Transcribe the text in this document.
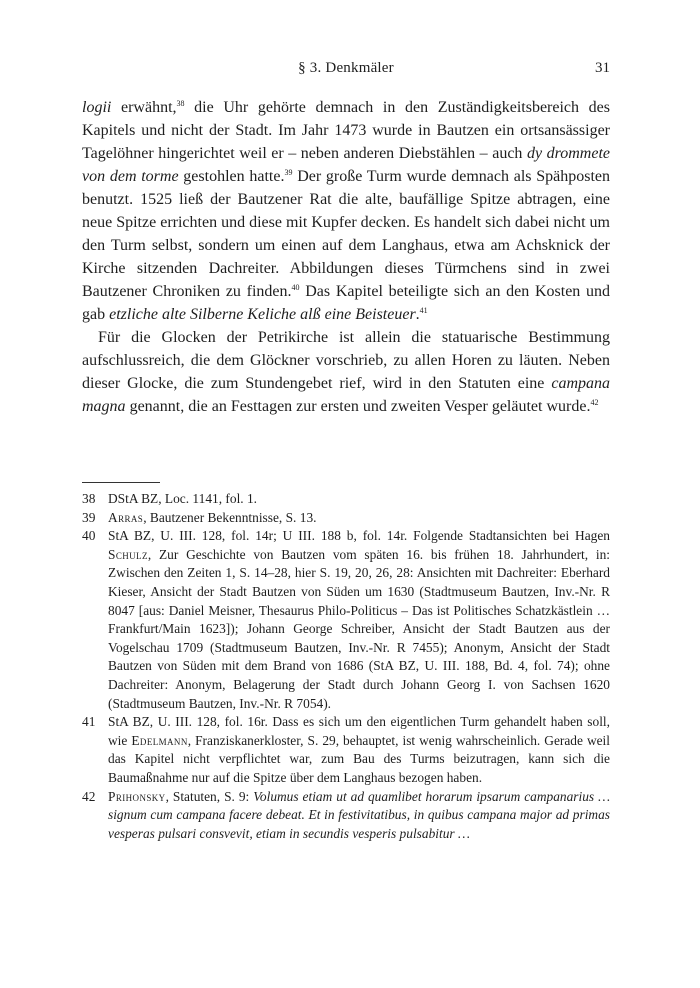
§ 3. Denkmäler	31

logii erwähnt,$^{38}$ die Uhr gehörte demnach in den Zuständigkeitsbereich des Kapitels und nicht der Stadt. Im Jahr 1473 wurde in Bautzen ein ortsansässiger Tagelöhner hingerichtet weil er – neben anderen Diebstählen – auch dy drommete von dem torme gestohlen hatte.$^{39}$ Der große Turm wurde demnach als Spähposten benutzt. 1525 ließ der Bautzener Rat die alte, baufällige Spitze abtragen, eine neue Spitze errichten und diese mit Kupfer decken. Es handelt sich dabei nicht um den Turm selbst, sondern um einen auf dem Langhaus, etwa am Achsknick der Kirche sitzenden Dachreiter. Abbildungen dieses Türmchens sind in zwei Bautzener Chroniken zu finden.$^{40}$ Das Kapitel beteiligte sich an den Kosten und gab etzliche alte Silberne Keliche alß eine Beisteuer.$^{41}$

Für die Glocken der Petrikirche ist allein die statuarische Bestimmung aufschlussreich, die dem Glöckner vorschrieb, zu allen Horen zu läuten. Neben dieser Glocke, die zum Stundengebet rief, wird in den Statuten eine campana magna genannt, die an Festtagen zur ersten und zweiten Vesper geläutet wurde.$^{42}$

38 DStA BZ, Loc. 1141, fol. 1.
39 Arras, Bautzener Bekenntnisse, S. 13.
40 StA BZ, U. III. 128, fol. 14r; U III. 188 b, fol. 14r. Folgende Stadtansichten bei Hagen Schulz, Zur Geschichte von Bautzen vom späten 16. bis frühen 18. Jahrhundert, in: Zwischen den Zeiten 1, S. 14–28, hier S. 19, 20, 26, 28: Ansichten mit Dachreiter: Eberhard Kieser, Ansicht der Stadt Bautzen von Süden um 1630 (Stadtmuseum Bautzen, Inv.-Nr. R 8047 [aus: Daniel Meisner, Thesaurus Philo-Politicus – Das ist Politisches Schatzkästlein … Frankfurt/Main 1623]); Johann George Schreiber, Ansicht der Stadt Bautzen aus der Vogelschau 1709 (Stadtmuseum Bautzen, Inv.-Nr. R 7455); Anonym, Ansicht der Stadt Bautzen von Süden mit dem Brand von 1686 (StA BZ, U. III. 188, Bd. 4, fol. 74); ohne Dachreiter: Anonym, Belagerung der Stadt durch Johann Georg I. von Sachsen 1620 (Stadtmuseum Bautzen, Inv.-Nr. R 7054).
41 StA BZ, U. III. 128, fol. 16r. Dass es sich um den eigentlichen Turm gehandelt haben soll, wie Edelmann, Franziskanerkloster, S. 29, behauptet, ist wenig wahrscheinlich. Gerade weil das Kapitel nicht verpflichtet war, zum Bau des Turms beizutragen, kann sich die Baumaßnahme nur auf die Spitze über dem Langhaus bezogen haben.
42 Prihonsky, Statuten, S. 9: Volumus etiam ut ad quamlibet horarum ipsarum campanarius … signum cum campana facere debeat. Et in festivitatibus, in quibus campana major ad primas vesperas pulsari consvevit, etiam in secundis vesperis pulsabitur …
